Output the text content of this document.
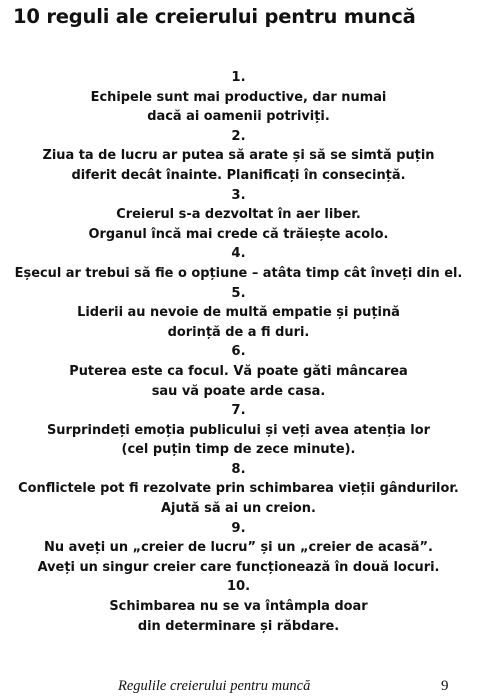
10 reguli ale creierului pentru muncă
1.
Echipele sunt mai productive, dar numai
dacă ai oamenii potriviți.
2.
Ziua ta de lucru ar putea să arate și să se simtă puțin
diferit decât înainte. Planificați în consecință.
3.
Creierul s-a dezvoltat în aer liber.
Organul încă mai crede că trăiește acolo.
4.
Eșecul ar trebui să fie o opțiune – atâta timp cât înveți din el.
5.
Liderii au nevoie de multă empatie și puțină
dorință de a fi duri.
6.
Puterea este ca focul. Vă poate găti mâncarea
sau vă poate arde casa.
7.
Surprindeți emoția publicului și veți avea atenția lor
(cel puțin timp de zece minute).
8.
Conflictele pot fi rezolvate prin schimbarea vieții gândurilor.
Ajută să ai un creion.
9.
Nu aveți un „creier de lucru” și un „creier de acasă”.
Aveți un singur creier care funcționează în două locuri.
10.
Schimbarea nu se va întâmpla doar
din determinare și răbdare.
Regulile creierului pentru muncă	9
